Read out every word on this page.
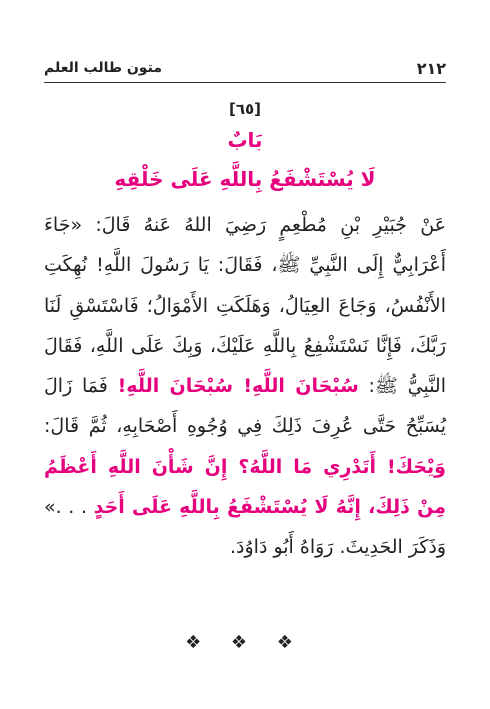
٢١٢
متون طالب العلم
[٦٥]
بَابٌ
لَا يُسْتَشْفَعُ بِاللَّهِ عَلَى خَلْقِهِ
عَنْ جُبَيْرِ بْنِ مُطْعِمٍ رَضِيَ اللهُ عَنهُ قَالَ: «جَاءَ أَعْرَابِيٌّ إِلَى النَّبِيِّ ﷺ، فَقَالَ: يَا رَسُولَ اللَّهِ! نُهِكَتِ الأَنْفُسُ، وَجَاعَ العِيَالُ، وَهَلَكَتِ الأَمْوَالُ؛ فَاسْتَسْقِ لَنَا رَبَّكَ، فَإِنَّا نَسْتَشْفِعُ بِاللَّهِ عَلَيْكَ، وَبِكَ عَلَى اللَّهِ، فَقَالَ النَّبِيُّ ﷺ: سُبْحَانَ اللَّهِ! سُبْحَانَ اللَّهِ! فَمَا زَالَ يُسَبِّحُ حَتَّى عُرِفَ ذَلِكَ فِي وُجُوهِ أَصْحَابِهِ، ثُمَّ قَالَ: وَيْحَكَ! أَتَدْرِي مَا اللَّهُ؟ إِنَّ شَأْنَ اللَّهِ أَعْظَمُ مِنْ ذَلِكَ، إِنَّهُ لَا يُسْتَشْفَعُ بِاللَّهِ عَلَى أَحَدٍ . . .» وَذَكَرَ الحَدِيثَ. رَوَاهُ أَبُو دَاوُدَ.
❖ ❖ ❖
